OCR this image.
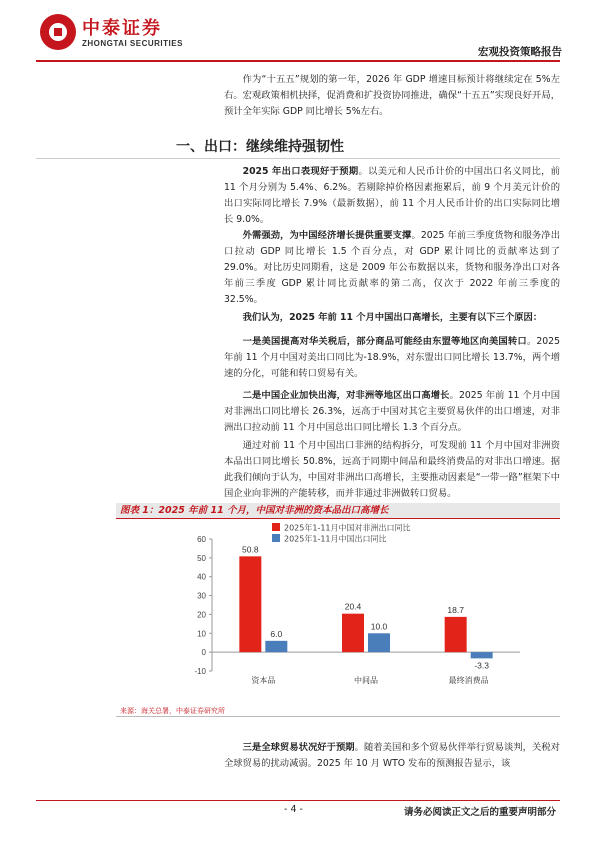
中泰证券
ZHONGTAI SECURITIES
宏观投资策略报告
作为“十五五”规划的第一年，2026 年 GDP 增速目标预计将继续定在 5%左右。宏观政策相机抉择，促消费和扩投资协同推进，确保“十五五”实现良好开局，预计全年实际 GDP 同比增长 5%左右。
一、出口：继续维持强韧性
2025 年出口表现好于预期。以美元和人民币计价的中国出口名义同比，前 11 个月分别为 5.4%、6.2%。若剔除掉价格因素拖累后，前 9 个月美元计价的出口实际同比增长 7.9%（最新数据），前 11 个月人民币计价的出口实际同比增长 9.0%。
外需强劲，为中国经济增长提供重要支撑。2025 年前三季度货物和服务净出口拉动 GDP 同比增长 1.5 个百分点，对 GDP 累计同比的贡献率达到了 29.0%。对比历史同期看，这是 2009 年公布数据以来，货物和服务净出口对各年前三季度 GDP 累计同比贡献率的第二高，仅次于 2022 年前三季度的 32.5%。
我们认为，2025 年前 11 个月中国出口高增长，主要有以下三个原因：
一是美国提高对华关税后，部分商品可能经由东盟等地区向美国转口。2025 年前 11 个月中国对美出口同比为-18.9%，对东盟出口同比增长 13.7%，两个增速的分化，可能和转口贸易有关。
二是中国企业加快出海，对非洲等地区出口高增长。2025 年前 11 个月中国对非洲出口同比增长 26.3%，远高于中国对其它主要贸易伙伴的出口增速，对非洲出口拉动前 11 个月中国总出口同比增长 1.3 个百分点。
通过对前 11 个月中国出口非洲的结构拆分，可发现前 11 个月中国对非洲资本品出口同比增长 50.8%，远高于同期中间品和最终消费品的对非出口增速。据此我们倾向于认为，中国对非洲出口高增长，主要推动因素是“一带一路”框架下中国企业向非洲的产能转移，而并非通过非洲做转口贸易。
图表 1：2025 年前 11 个月，中国对非洲的资本品出口高增长
-10
0
10
20
30
40
50
60
50.8
6.0
资本品
20.4
10.0
中间品
18.7
-3.3
最终消费品
2025年1-11月中国对非洲出口同比
2025年1-11月中国出口同比
来源：海关总署，中泰证券研究所
三是全球贸易状况好于预期。随着美国和多个贸易伙伴举行贸易谈判，关税对全球贸易的扰动减弱。2025 年 10 月 WTO 发布的预测报告显示，该
- 4 -	请务必阅读正文之后的重要声明部分
